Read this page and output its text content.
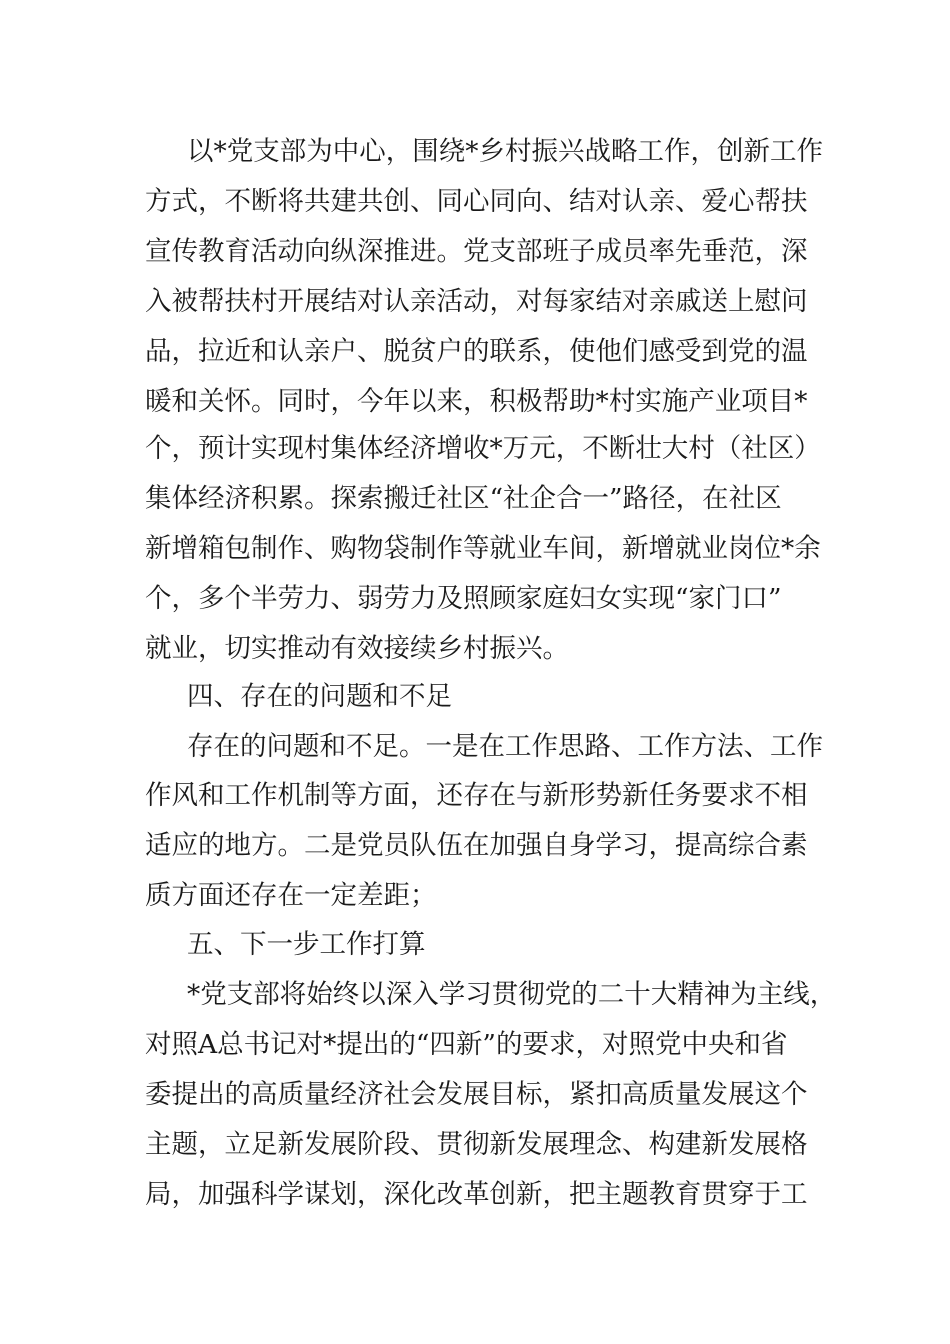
以*党支部为中心，围绕*乡村振兴战略工作，创新工作
方式，不断将共建共创、同心同向、结对认亲、爱心帮扶
宣传教育活动向纵深推进。党支部班子成员率先垂范，深
入被帮扶村开展结对认亲活动，对每家结对亲戚送上慰问
品，拉近和认亲户、脱贫户的联系，使他们感受到党的温
暖和关怀。同时，今年以来，积极帮助*村实施产业项目*
个，预计实现村集体经济增收*万元，不断壮大村（社区）
集体经济积累。探索搬迁社区“社企合一”路径，在社区
新增箱包制作、购物袋制作等就业车间，新增就业岗位*余
个，多个半劳力、弱劳力及照顾家庭妇女实现“家门口”
就业，切实推动有效接续乡村振兴。
四、存在的问题和不足
存在的问题和不足。一是在工作思路、工作方法、工作
作风和工作机制等方面，还存在与新形势新任务要求不相
适应的地方。二是党员队伍在加强自身学习，提高综合素
质方面还存在一定差距；
五、下一步工作打算
*党支部将始终以深入学习贯彻党的二十大精神为主线，
对照A总书记对*提出的“四新”的要求，对照党中央和省
委提出的高质量经济社会发展目标，紧扣高质量发展这个
主题，立足新发展阶段、贯彻新发展理念、构建新发展格
局，加强科学谋划，深化改革创新，把主题教育贯穿于工
